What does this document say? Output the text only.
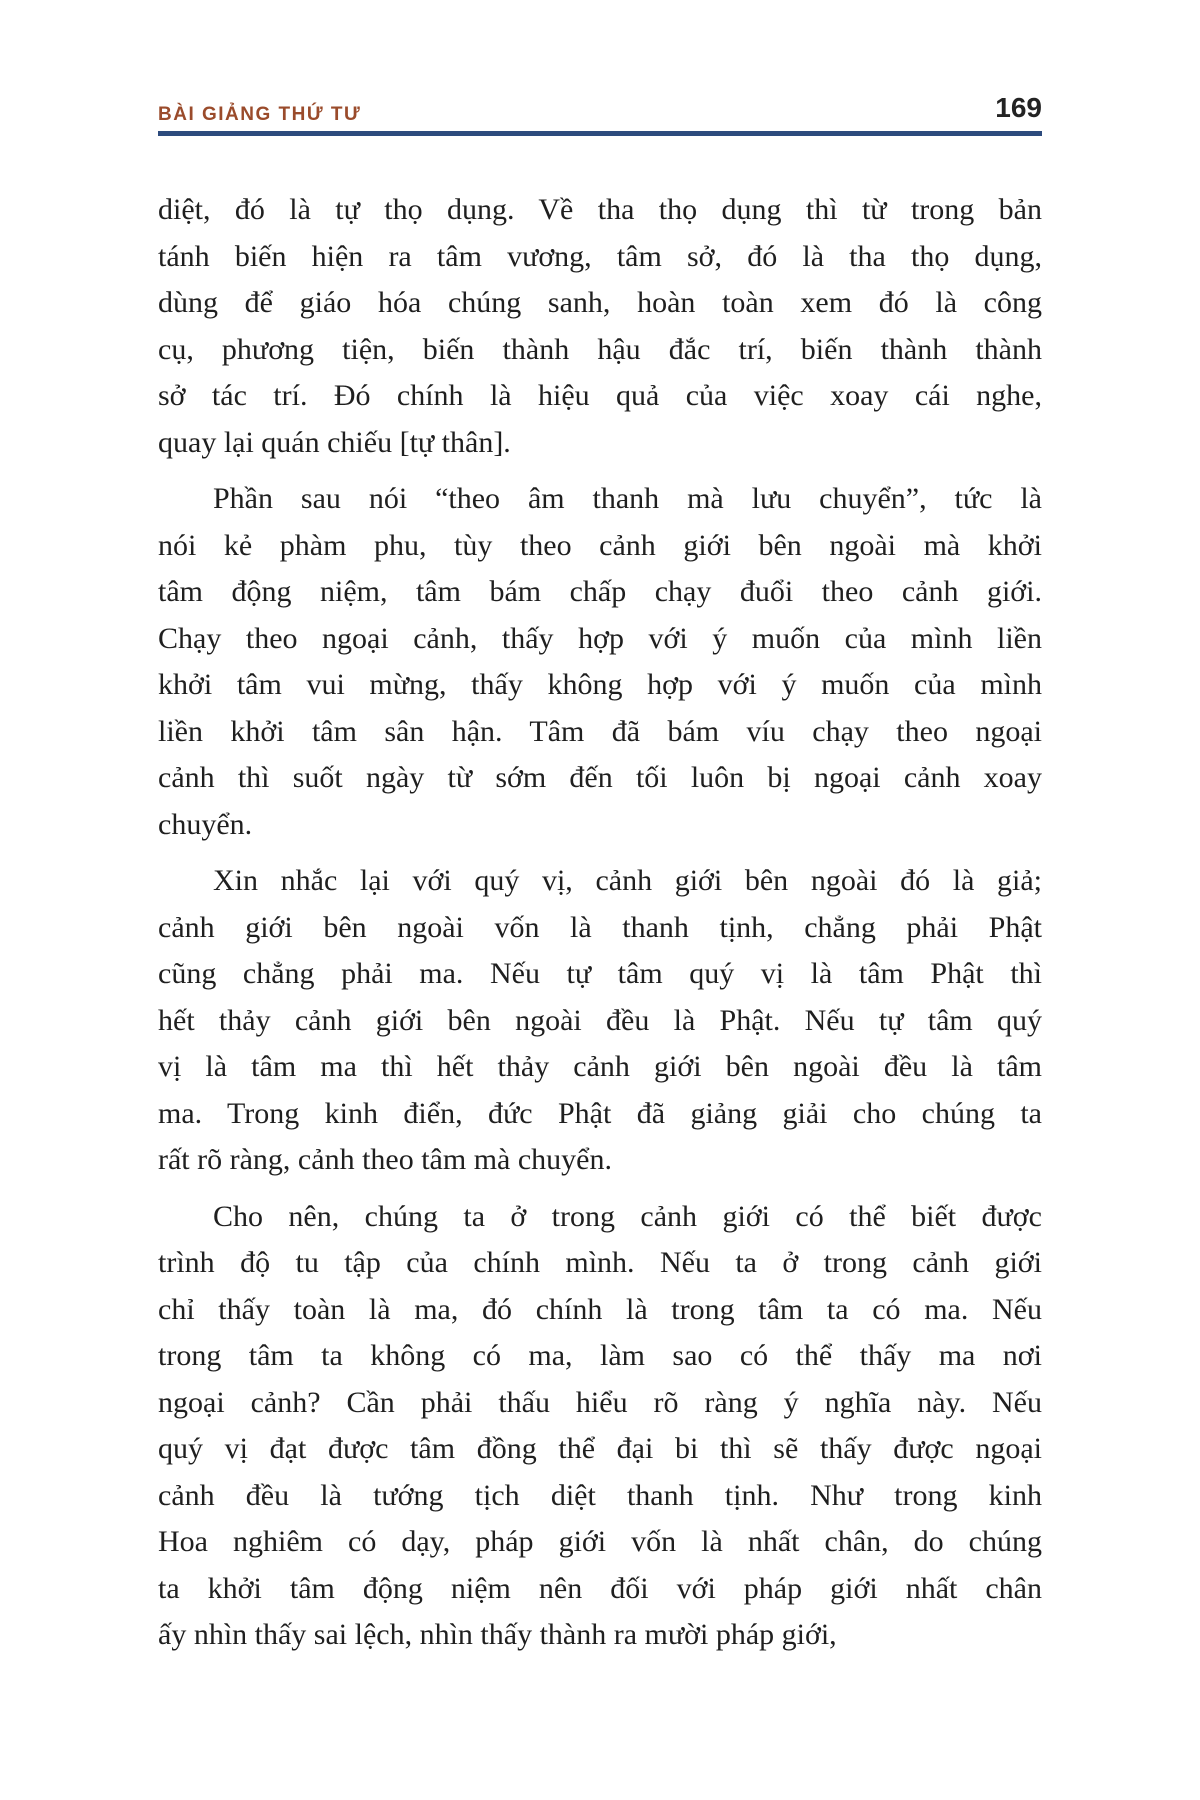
BÀI GIẢNG THỨ TƯ	169
diệt, đó là tự thọ dụng. Về tha thọ dụng thì từ trong bản
tánh biến hiện ra tâm vương, tâm sở, đó là tha thọ dụng,
dùng để giáo hóa chúng sanh, hoàn toàn xem đó là công
cụ, phương tiện, biến thành hậu đắc trí, biến thành thành
sở tác trí. Đó chính là hiệu quả của việc xoay cái nghe,
quay lại quán chiếu [tự thân].
Phần sau nói “theo âm thanh mà lưu chuyển”, tức là
nói kẻ phàm phu, tùy theo cảnh giới bên ngoài mà khởi
tâm động niệm, tâm bám chấp chạy đuổi theo cảnh giới.
Chạy theo ngoại cảnh, thấy hợp với ý muốn của mình liền
khởi tâm vui mừng, thấy không hợp với ý muốn của mình
liền khởi tâm sân hận. Tâm đã bám víu chạy theo ngoại
cảnh thì suốt ngày từ sớm đến tối luôn bị ngoại cảnh xoay
chuyển.
Xin nhắc lại với quý vị, cảnh giới bên ngoài đó là giả;
cảnh giới bên ngoài vốn là thanh tịnh, chẳng phải Phật
cũng chẳng phải ma. Nếu tự tâm quý vị là tâm Phật thì
hết thảy cảnh giới bên ngoài đều là Phật. Nếu tự tâm quý
vị là tâm ma thì hết thảy cảnh giới bên ngoài đều là tâm
ma. Trong kinh điển, đức Phật đã giảng giải cho chúng ta
rất rõ ràng, cảnh theo tâm mà chuyển.
Cho nên, chúng ta ở trong cảnh giới có thể biết được
trình độ tu tập của chính mình. Nếu ta ở trong cảnh giới
chỉ thấy toàn là ma, đó chính là trong tâm ta có ma. Nếu
trong tâm ta không có ma, làm sao có thể thấy ma nơi
ngoại cảnh? Cần phải thấu hiểu rõ ràng ý nghĩa này. Nếu
quý vị đạt được tâm đồng thể đại bi thì sẽ thấy được ngoại
cảnh đều là tướng tịch diệt thanh tịnh. Như trong kinh
Hoa nghiêm có dạy, pháp giới vốn là nhất chân, do chúng
ta khởi tâm động niệm nên đối với pháp giới nhất chân
ấy nhìn thấy sai lệch, nhìn thấy thành ra mười pháp giới,
